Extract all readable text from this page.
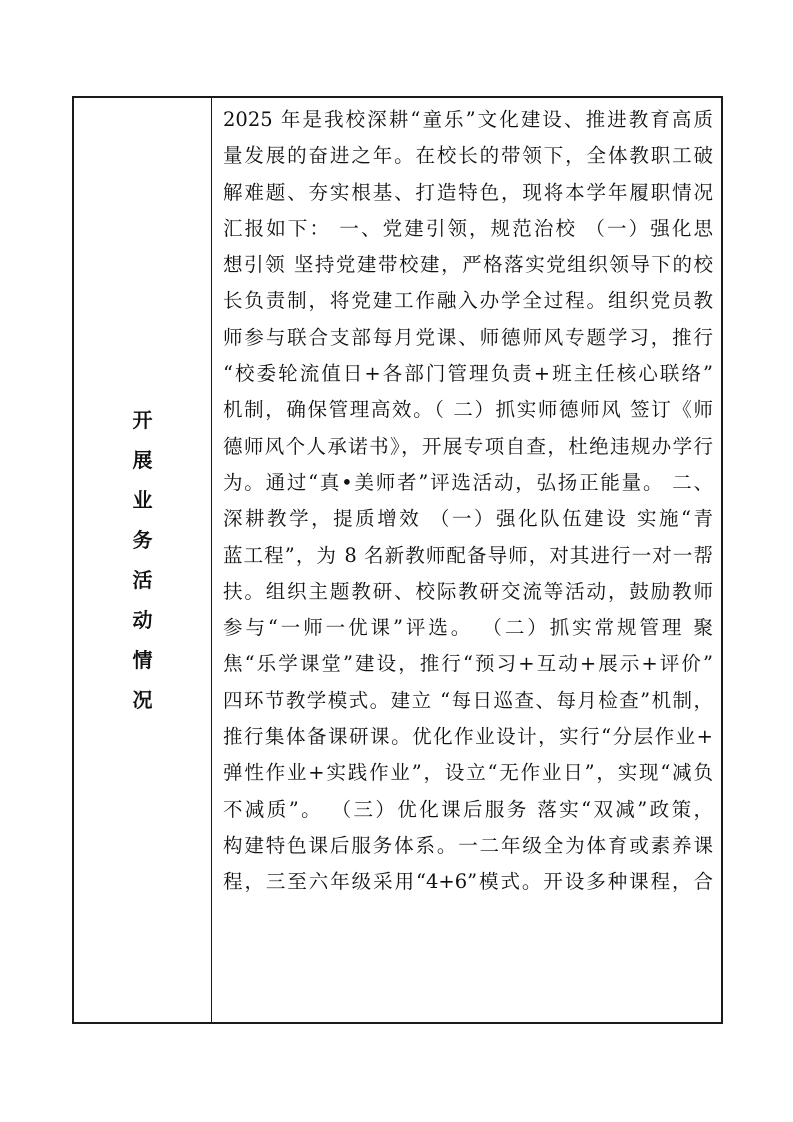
开
展
业
务
活
动
情
况
2025 年是我校深耕“童乐”文化建设、推进教育高质
量发展的奋进之年。在校长的带领下，全体教职工破
解难题、夯实根基、打造特色，现将本学年履职情况
汇报如下： 一、党建引领，规范治校 （一）强化思
想引领 坚持党建带校建，严格落实党组织领导下的校
长负责制，将党建工作融入办学全过程。组织党员教
师参与联合支部每月党课、师德师风专题学习，推行
“校委轮流值日+各部门管理负责+班主任核心联络”
机制，确保管理高效。（ 二）抓实师德师风 签订《师
德师风个人承诺书》，开展专项自查，杜绝违规办学行
为。通过“真•美师者”评选活动，弘扬正能量。 二、
深耕教学，提质增效 （一）强化队伍建设 实施“青
蓝工程”，为 8 名新教师配备导师，对其进行一对一帮
扶。组织主题教研、校际教研交流等活动，鼓励教师
参与“一师一优课”评选。 （二）抓实常规管理 聚
焦“乐学课堂”建设，推行“预习+互动+展示+评价”
四环节教学模式。建立 “每日巡查、每月检查”机制，
推行集体备课研课。优化作业设计，实行“分层作业+
弹性作业+实践作业”，设立“无作业日”，实现“减负
不减质”。 （三）优化课后服务 落实“双减”政策，
构建特色课后服务体系。一二年级全为体育或素养课
程，三至六年级采用“4+6”模式。开设多种课程，合
